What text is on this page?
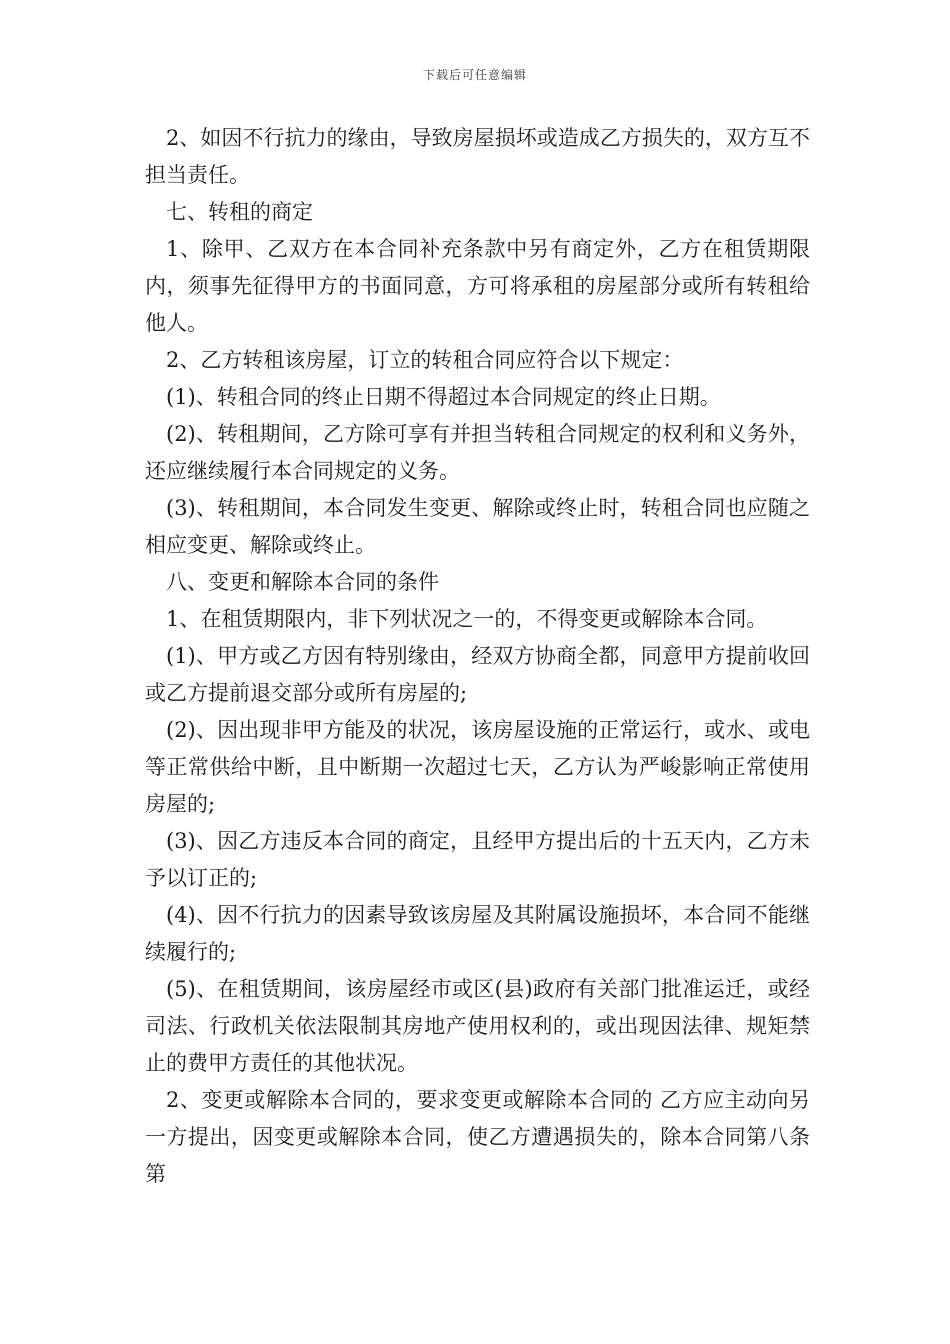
下载后可任意编辑

2、如因不行抗力的缘由，导致房屋损坏或造成乙方损失的，双方互不担当责任。

七、转租的商定

1、除甲、乙双方在本合同补充条款中另有商定外，乙方在租赁期限内，须事先征得甲方的书面同意，方可将承租的房屋部分或所有转租给他人。

2、乙方转租该房屋，订立的转租合同应符合以下规定：

(1)、转租合同的终止日期不得超过本合同规定的终止日期。

(2)、转租期间，乙方除可享有并担当转租合同规定的权利和义务外，还应继续履行本合同规定的义务。

(3)、转租期间，本合同发生变更、解除或终止时，转租合同也应随之相应变更、解除或终止。

八、变更和解除本合同的条件

1、在租赁期限内，非下列状况之一的，不得变更或解除本合同。

(1)、甲方或乙方因有特别缘由，经双方协商全都，同意甲方提前收回或乙方提前退交部分或所有房屋的;

(2)、因出现非甲方能及的状况，该房屋设施的正常运行，或水、或电等正常供给中断，且中断期一次超过七天，乙方认为严峻影响正常使用房屋的;

(3)、因乙方违反本合同的商定，且经甲方提出后的十五天内，乙方未予以订正的;

(4)、因不行抗力的因素导致该房屋及其附属设施损坏，本合同不能继续履行的;

(5)、在租赁期间，该房屋经市或区(县)政府有关部门批准运迁，或经司法、行政机关依法限制其房地产使用权利的，或出现因法律、规矩禁止的费甲方责任的其他状况。

2、变更或解除本合同的，要求变更或解除本合同的 乙方应主动向另一方提出，因变更或解除本合同，使乙方遭遇损失的，除本合同第八条第
